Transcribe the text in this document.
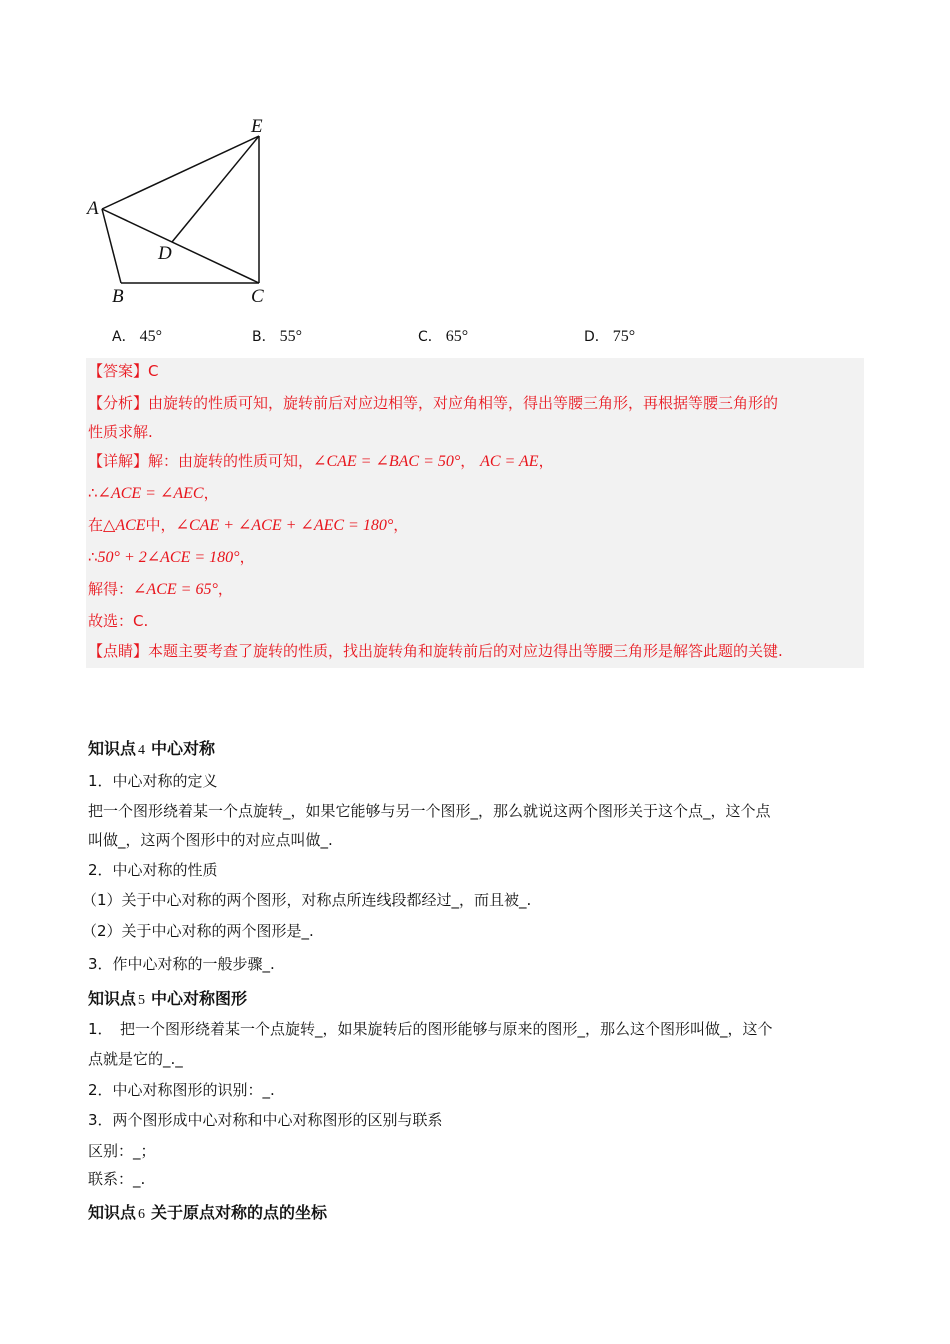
E
A
D
B	C
A． 45°	B． 55°	C． 65°	D． 75°
【答案】C
【分析】由旋转的性质可知，旋转前后对应边相等，对应角相等，得出等腰三角形，再根据等腰三角形的
性质求解.
【详解】解：由旋转的性质可知，∠CAE = ∠BAC = 50°， AC = AE，
∴∠ACE = ∠AEC，
在△ACE中，∠CAE + ∠ACE + ∠AEC = 180°，
∴50° + 2∠ACE = 180°，
解得：∠ACE = 65°，
故选：C.
【点睛】本题主要考查了旋转的性质，找出旋转角和旋转前后的对应边得出等腰三角形是解答此题的关键.
知识点 4 中心对称
1．中心对称的定义
把一个图形绕着某一个点旋转_，如果它能够与另一个图形_，那么就说这两个图形关于这个点_，这个点
叫做_，这两个图形中的对应点叫做_.
2．中心对称的性质
（1）关于中心对称的两个图形，对称点所连线段都经过_，而且被_.
（2）关于中心对称的两个图形是_.
3．作中心对称的一般步骤_.
知识点 5 中心对称图形
1．　把一个图形绕着某一个点旋转_，如果旋转后的图形能够与原来的图形_，那么这个图形叫做_，这个
点就是它的_._
2．中心对称图形的识别：_.
3．两个图形成中心对称和中心对称图形的区别与联系
区别：_；
联系：_.
知识点 6 关于原点对称的点的坐标
